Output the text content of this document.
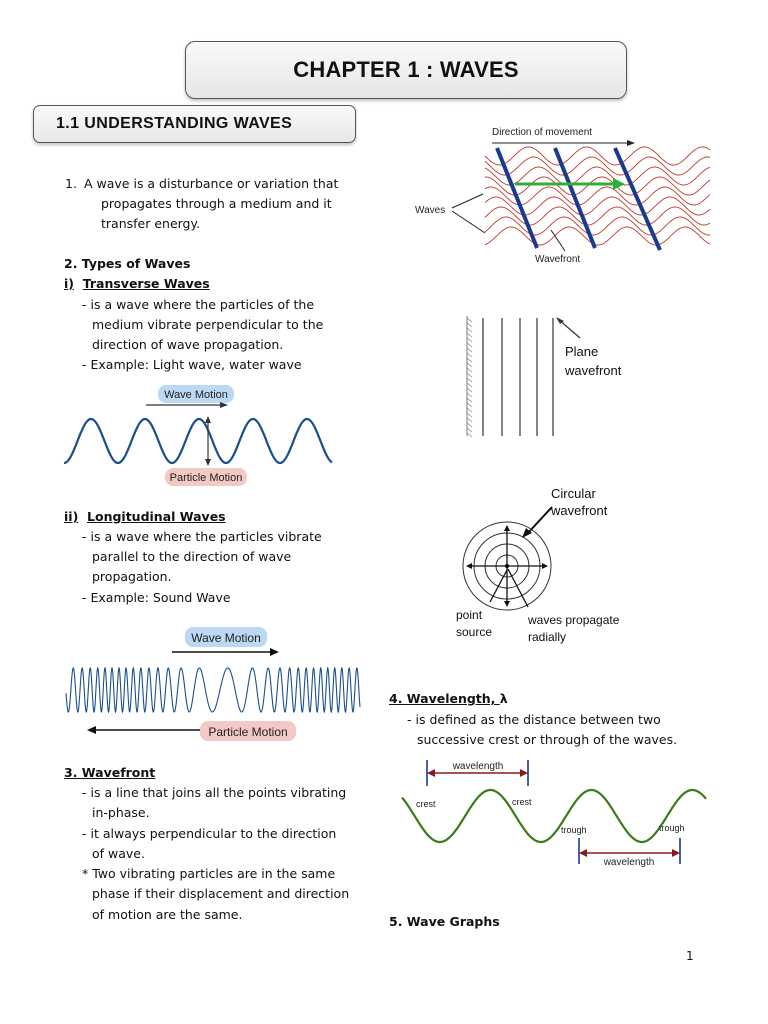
CHAPTER 1 : WAVES
1.1 UNDERSTANDING WAVES
1. A wave is a disturbance or variation that
propagates through a medium and it
transfer energy.
2. Types of Waves
i) Transverse Waves
- is a wave where the particles of the
medium vibrate perpendicular to the
direction of wave propagation.
- Example: Light wave, water wave
Wave Motion
Particle Motion
ii) Longitudinal Waves
- is a wave where the particles vibrate
parallel to the direction of wave
propagation.
- Example: Sound Wave
Wave Motion
Particle Motion
3. Wavefront
- is a line that joins all the points vibrating
in-phase.
- it always perpendicular to the direction
of wave.
* Two vibrating particles are in the same
phase if their displacement and direction
of motion are the same.
Direction of movement
Waves
Wavefront
Plane
wavefront
Circular
wavefront
point
source
waves propagate
radially
4. Wavelength, λ
- is defined as the distance between two
successive crest or through of the waves.
wavelength
crest	crest
trough	trough
wavelength
5. Wave Graphs
1
